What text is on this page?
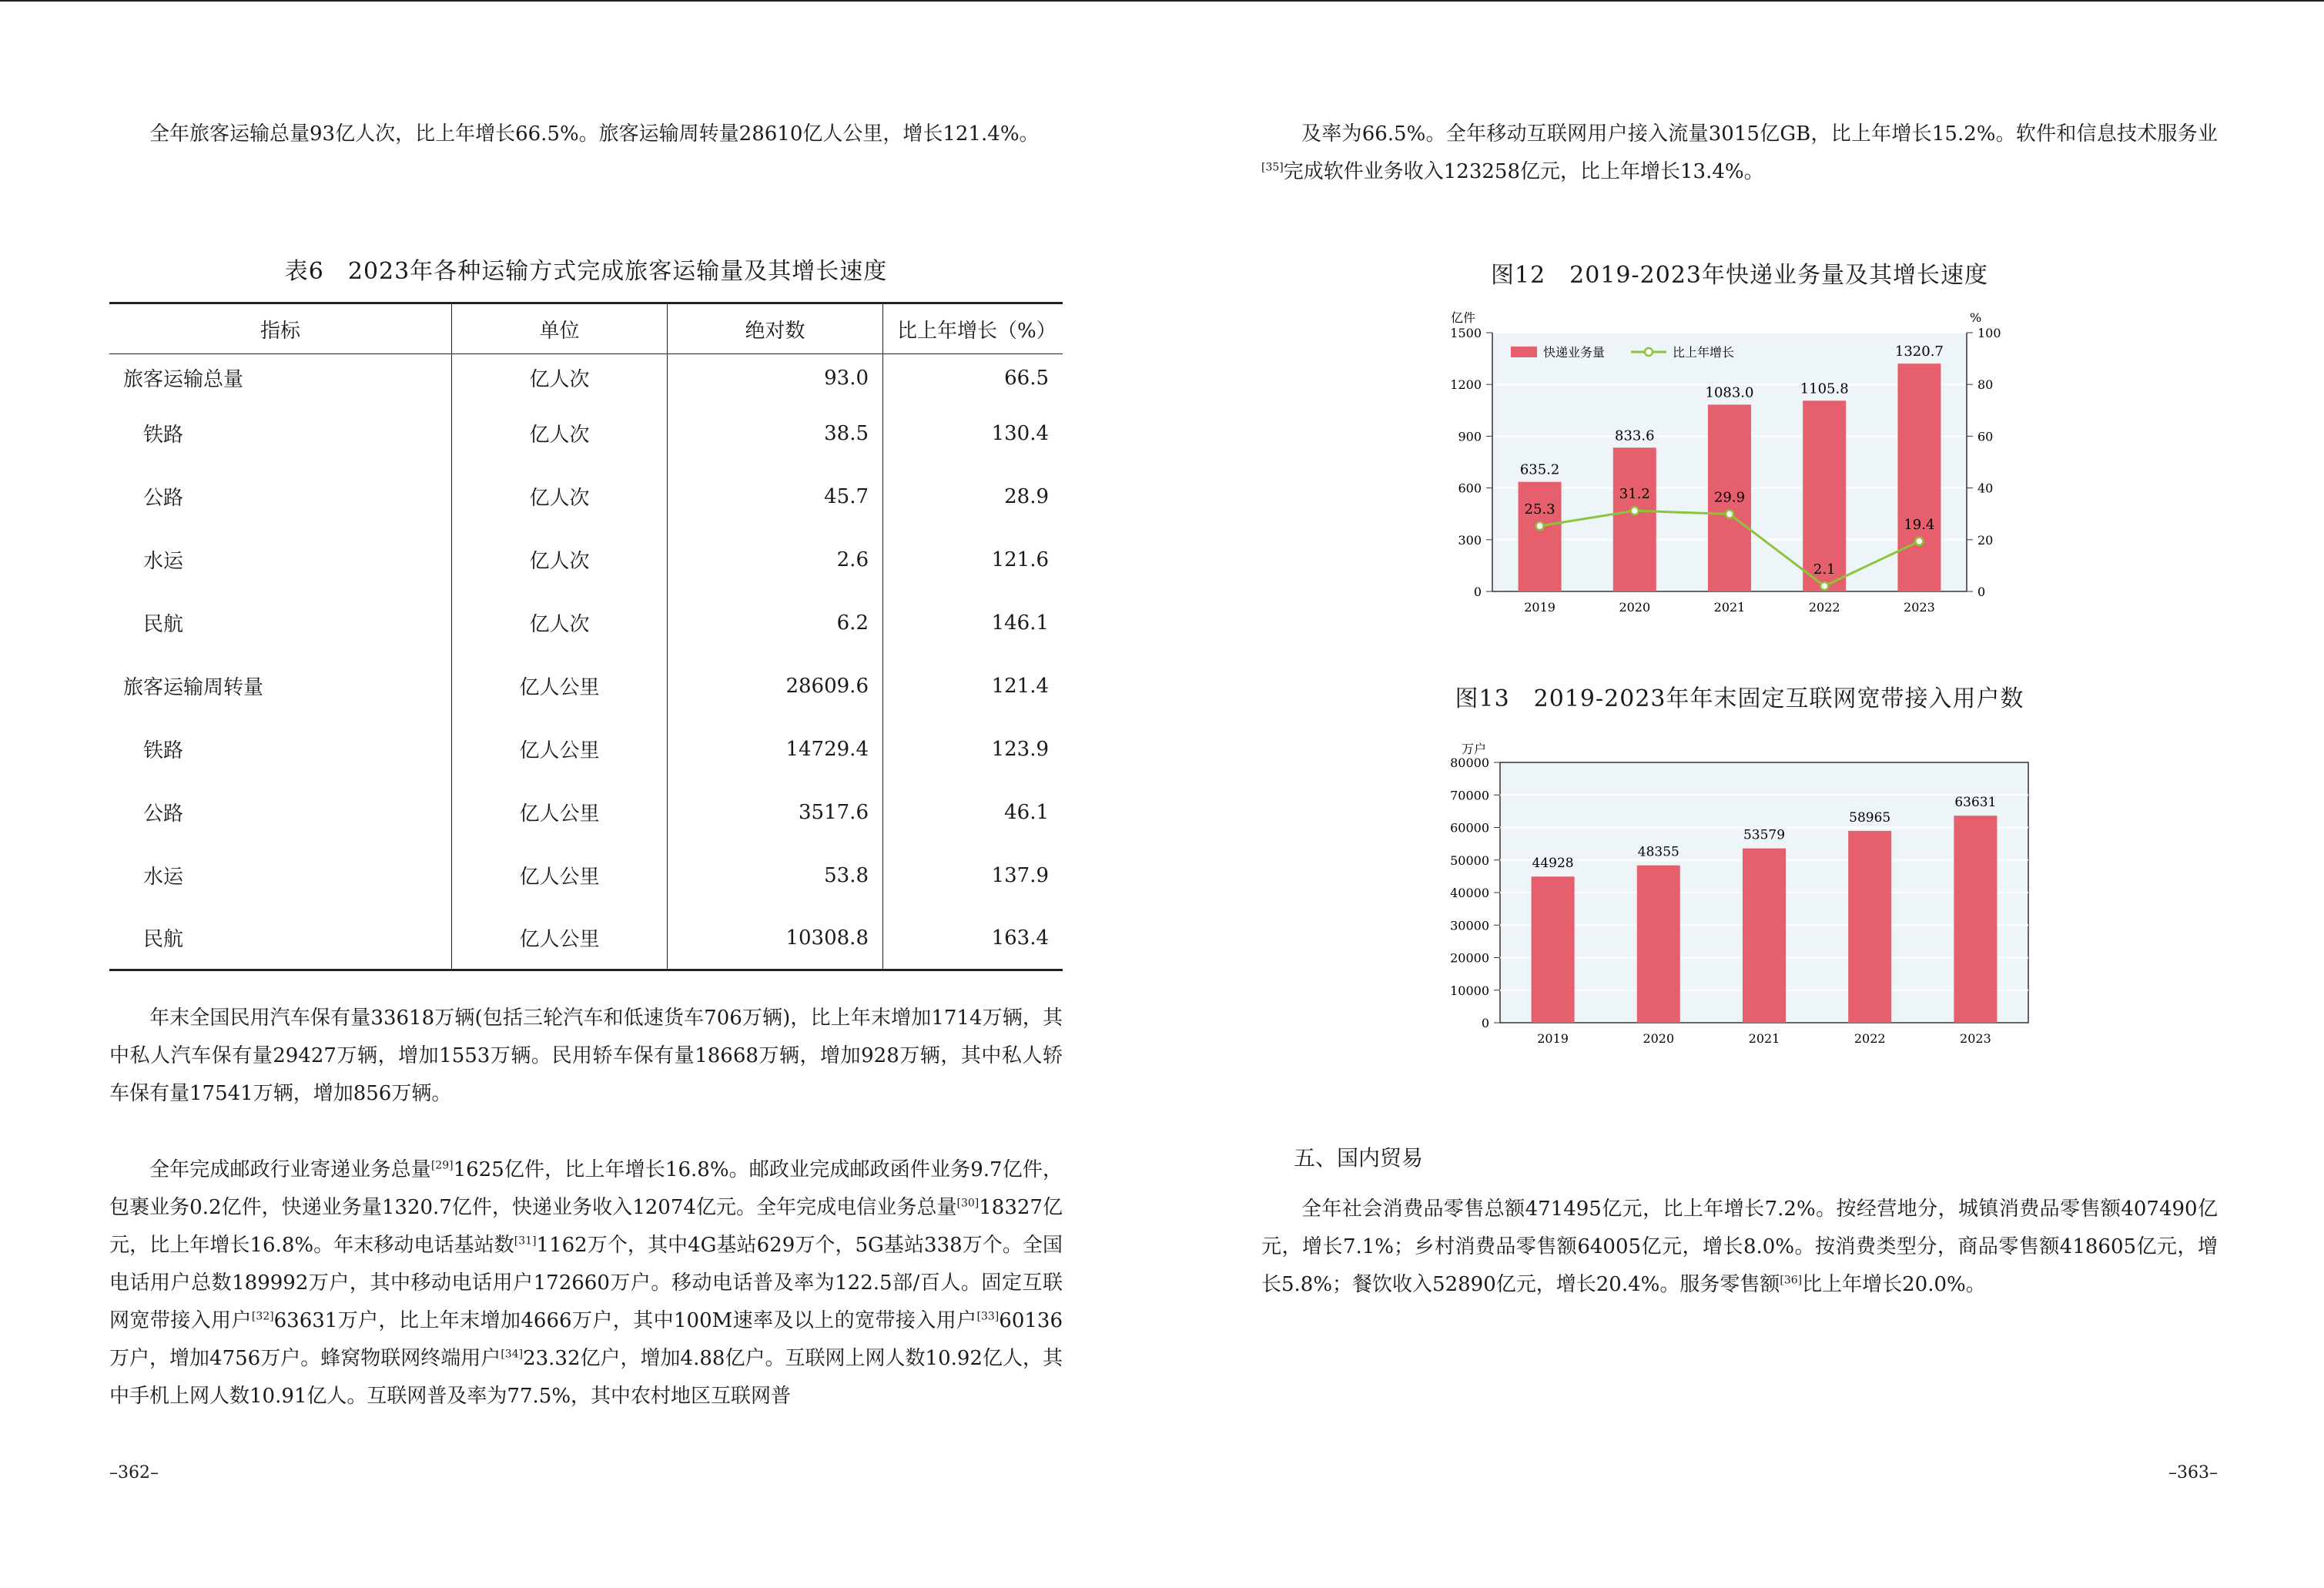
全年旅客运输总量93亿人次，比上年增长66.5%。旅客运输周转量28610亿人公里，增长121.4%。

表6　2023年各种运输方式完成旅客运输量及其增长速度
指标	单位	绝对数	比上年增长（%）
旅客运输总量	亿人次	93.0	66.5
铁路	亿人次	38.5	130.4
公路	亿人次	45.7	28.9
水运	亿人次	2.6	121.6
民航	亿人次	6.2	146.1
旅客运输周转量	亿人公里	28609.6	121.4
铁路	亿人公里	14729.4	123.9
公路	亿人公里	3517.6	46.1
水运	亿人公里	53.8	137.9
民航	亿人公里	10308.8	163.4

年末全国民用汽车保有量33618万辆(包括三轮汽车和低速货车706万辆)，比上年末增加1714万辆，其中私人汽车保有量29427万辆，增加1553万辆。民用轿车保有量18668万辆，增加928万辆，其中私人轿车保有量17541万辆，增加856万辆。

全年完成邮政行业寄递业务总量[29]1625亿件，比上年增长16.8%。邮政业完成邮政函件业务9.7亿件，包裹业务0.2亿件，快递业务量1320.7亿件，快递业务收入12074亿元。全年完成电信业务总量[30]18327亿元，比上年增长16.8%。年末移动电话基站数[31]1162万个，其中4G基站629万个，5G基站338万个。全国电话用户总数189992万户，其中移动电话用户172660万户。移动电话普及率为122.5部/百人。固定互联网宽带接入用户[32]63631万户，比上年末增加4666万户，其中100M速率及以上的宽带接入用户[33]60136万户，增加4756万户。蜂窝物联网终端用户[34]23.32亿户，增加4.88亿户。互联网上网人数10.92亿人，其中手机上网人数10.91亿人。互联网普及率为77.5%，其中农村地区互联网普

–362–

及率为66.5%。全年移动互联网用户接入流量3015亿GB，比上年增长15.2%。软件和信息技术服务业[35]完成软件业务收入123258亿元，比上年增长13.4%。

图12　2019-2023年快递业务量及其增长速度
0
300
600
900
1200
1500
0
20
40
60
80
100
亿件	%
635.2
2019
833.6
2020
1083.0
2021
1105.8
2022
1320.7
2023
25.3
31.2	29.9
2.1
19.4
快递业务量	比上年增长
图13　2019-2023年年末固定互联网宽带接入用户数
0
10000
20000
30000
40000
50000
60000
70000
80000
万户
44928
2019
48355
2020
53579
2021
58965
2022
63631
2023
五、国内贸易

全年社会消费品零售总额471495亿元，比上年增长7.2%。按经营地分，城镇消费品零售额407490亿元，增长7.1%；乡村消费品零售额64005亿元，增长8.0%。按消费类型分，商品零售额418605亿元，增长5.8%；餐饮收入52890亿元，增长20.4%。服务零售额[36]比上年增长20.0%。

–363–
